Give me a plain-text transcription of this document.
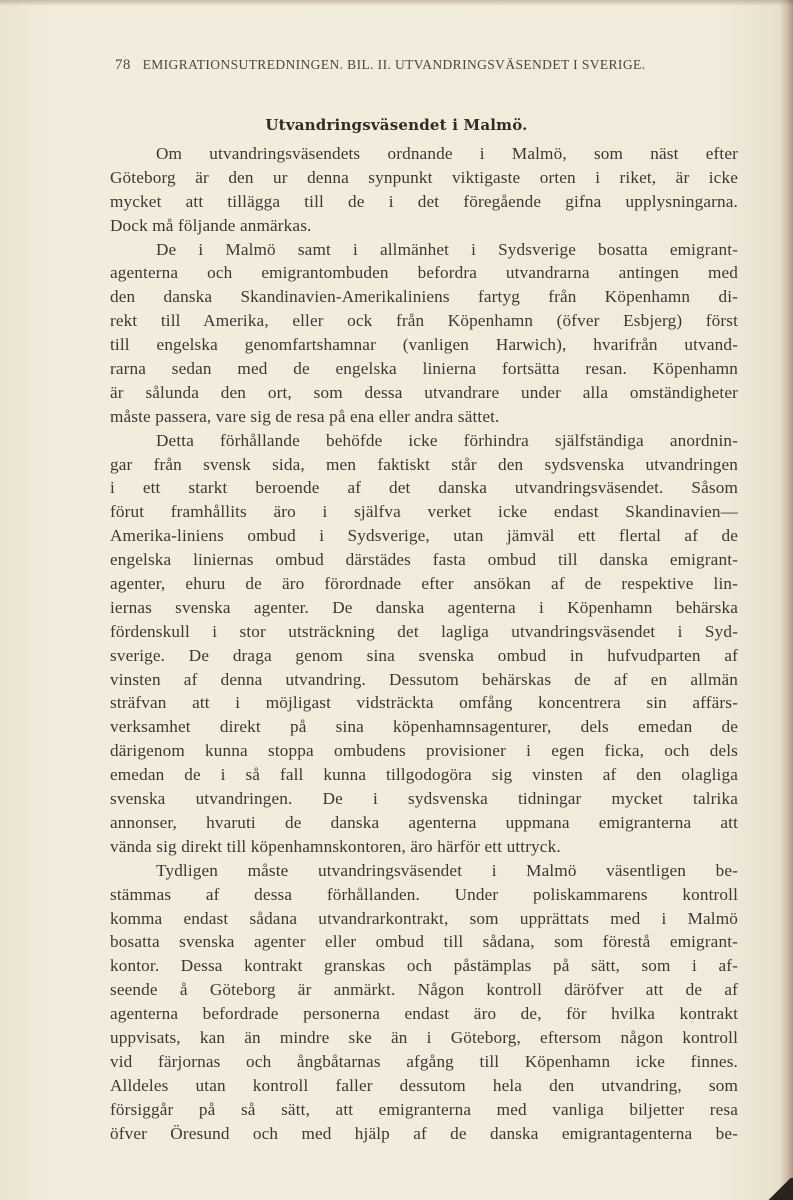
78 EMIGRATIONSUTREDNINGEN. BIL. II. UTVANDRINGSVÄSENDET I SVERIGE.
Utvandringsväsendet i Malmö.
Om utvandringsväsendets ordnande i Malmö, som näst efter
Göteborg är den ur denna synpunkt viktigaste orten i riket, är icke
mycket att tillägga till de i det föregående gifna upplysningarna.
Dock må följande anmärkas.
De i Malmö samt i allmänhet i Sydsverige bosatta emigrant-
agenterna och emigrantombuden befordra utvandrarna antingen med
den danska Skandinavien-Amerikaliniens fartyg från Köpenhamn di-
rekt till Amerika, eller ock från Köpenhamn (öfver Esbjerg) först
till engelska genomfartshamnar (vanligen Harwich), hvarifrån utvand-
rarna sedan med de engelska linierna fortsätta resan. Köpenhamn
är sålunda den ort, som dessa utvandrare under alla omständigheter
måste passera, vare sig de resa på ena eller andra sättet.
Detta förhållande behöfde icke förhindra själfständiga anordnin-
gar från svensk sida, men faktiskt står den sydsvenska utvandringen
i ett starkt beroende af det danska utvandringsväsendet. Såsom
förut framhållits äro i själfva verket icke endast Skandinavien—
Amerika-liniens ombud i Sydsverige, utan jämväl ett flertal af de
engelska liniernas ombud därstädes fasta ombud till danska emigrant-
agenter, ehuru de äro förordnade efter ansökan af de respektive lin-
iernas svenska agenter. De danska agenterna i Köpenhamn behärska
fördenskull i stor utsträckning det lagliga utvandringsväsendet i Syd-
sverige. De draga genom sina svenska ombud in hufvudparten af
vinsten af denna utvandring. Dessutom behärskas de af en allmän
sträfvan att i möjligast vidsträckta omfång koncentrera sin affärs-
verksamhet direkt på sina köpenhamnsagenturer, dels emedan de
därigenom kunna stoppa ombudens provisioner i egen ficka, och dels
emedan de i så fall kunna tillgodogöra sig vinsten af den olagliga
svenska utvandringen. De i sydsvenska tidningar mycket talrika
annonser, hvaruti de danska agenterna uppmana emigranterna att
vända sig direkt till köpenhamnskontoren, äro härför ett uttryck.
Tydligen måste utvandringsväsendet i Malmö väsentligen be-
stämmas af dessa förhållanden. Under poliskammarens kontroll
komma endast sådana utvandrarkontrakt, som upprättats med i Malmö
bosatta svenska agenter eller ombud till sådana, som förestå emigrant-
kontor. Dessa kontrakt granskas och påstämplas på sätt, som i af-
seende å Göteborg är anmärkt. Någon kontroll däröfver att de af
agenterna befordrade personerna endast äro de, för hvilka kontrakt
uppvisats, kan än mindre ske än i Göteborg, eftersom någon kontroll
vid färjornas och ångbåtarnas afgång till Köpenhamn icke finnes.
Alldeles utan kontroll faller dessutom hela den utvandring, som
försiggår på så sätt, att emigranterna med vanliga biljetter resa
öfver Öresund och med hjälp af de danska emigrantagenterna be-
